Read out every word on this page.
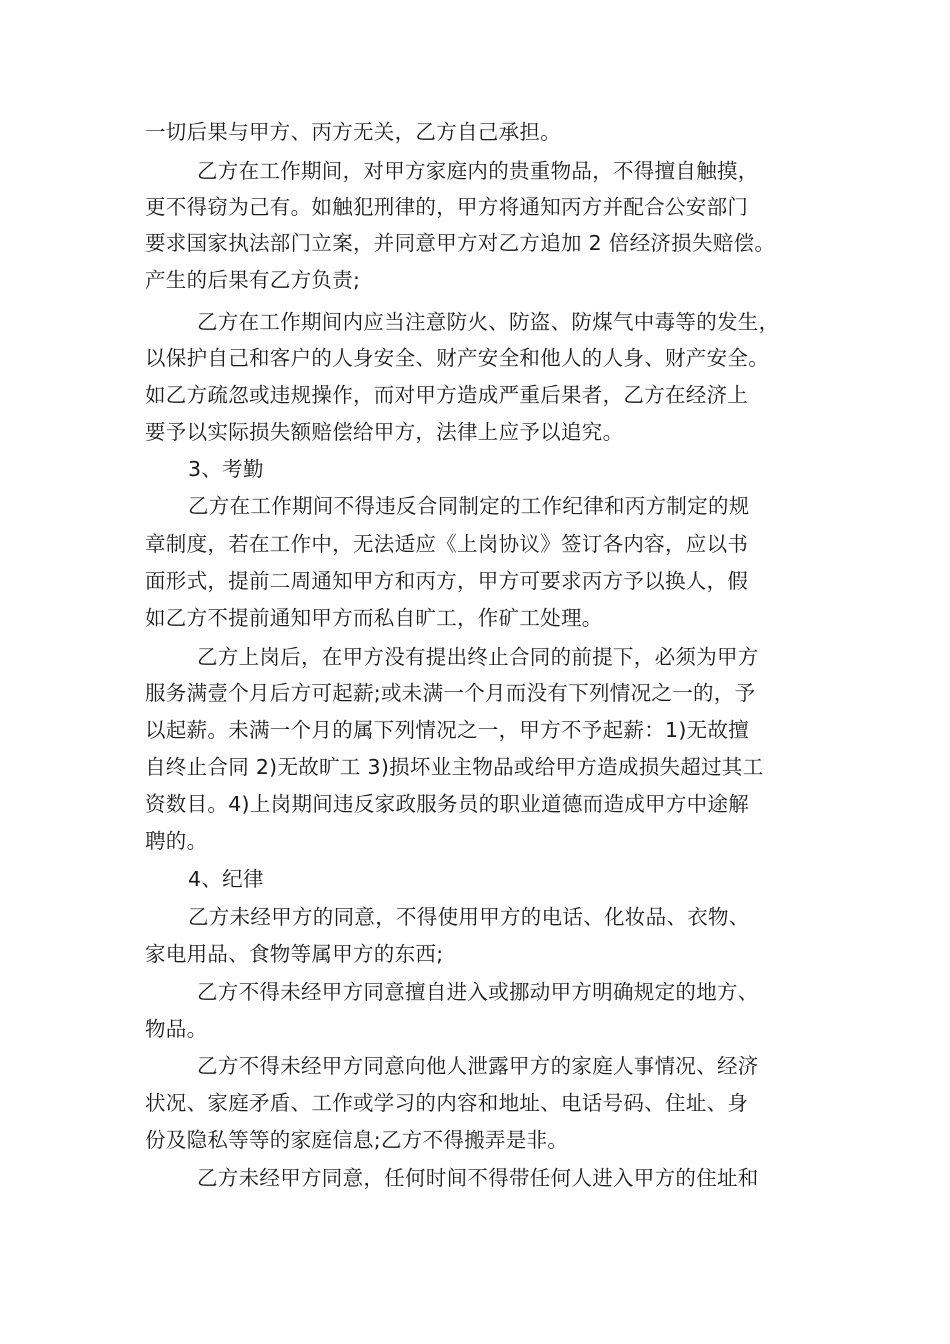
一切后果与甲方、丙方无关，乙方自己承担。
乙方在工作期间，对甲方家庭内的贵重物品，不得擅自触摸，
更不得窃为己有。如触犯刑律的，甲方将通知丙方并配合公安部门
要求国家执法部门立案，并同意甲方对乙方追加 2 倍经济损失赔偿。
产生的后果有乙方负责;
乙方在工作期间内应当注意防火、防盗、防煤气中毒等的发生，
以保护自己和客户的人身安全、财产安全和他人的人身、财产安全。
如乙方疏忽或违规操作，而对甲方造成严重后果者，乙方在经济上
要予以实际损失额赔偿给甲方，法律上应予以追究。
3、考勤
乙方在工作期间不得违反合同制定的工作纪律和丙方制定的规
章制度，若在工作中，无法适应《上岗协议》签订各内容，应以书
面形式，提前二周通知甲方和丙方，甲方可要求丙方予以换人，假
如乙方不提前通知甲方而私自旷工，作矿工处理。
乙方上岗后，在甲方没有提出终止合同的前提下，必须为甲方
服务满壹个月后方可起薪;或未满一个月而没有下列情况之一的，予
以起薪。未满一个月的属下列情况之一，甲方不予起薪：1)无故擅
自终止合同 2)无故旷工 3)损坏业主物品或给甲方造成损失超过其工
资数目。4)上岗期间违反家政服务员的职业道德而造成甲方中途解
聘的。
4、纪律
乙方未经甲方的同意，不得使用甲方的电话、化妆品、衣物、
家电用品、食物等属甲方的东西;
乙方不得未经甲方同意擅自进入或挪动甲方明确规定的地方、
物品。
乙方不得未经甲方同意向他人泄露甲方的家庭人事情况、经济
状况、家庭矛盾、工作或学习的内容和地址、电话号码、住址、身
份及隐私等等的家庭信息;乙方不得搬弄是非。
乙方未经甲方同意，任何时间不得带任何人进入甲方的住址和
